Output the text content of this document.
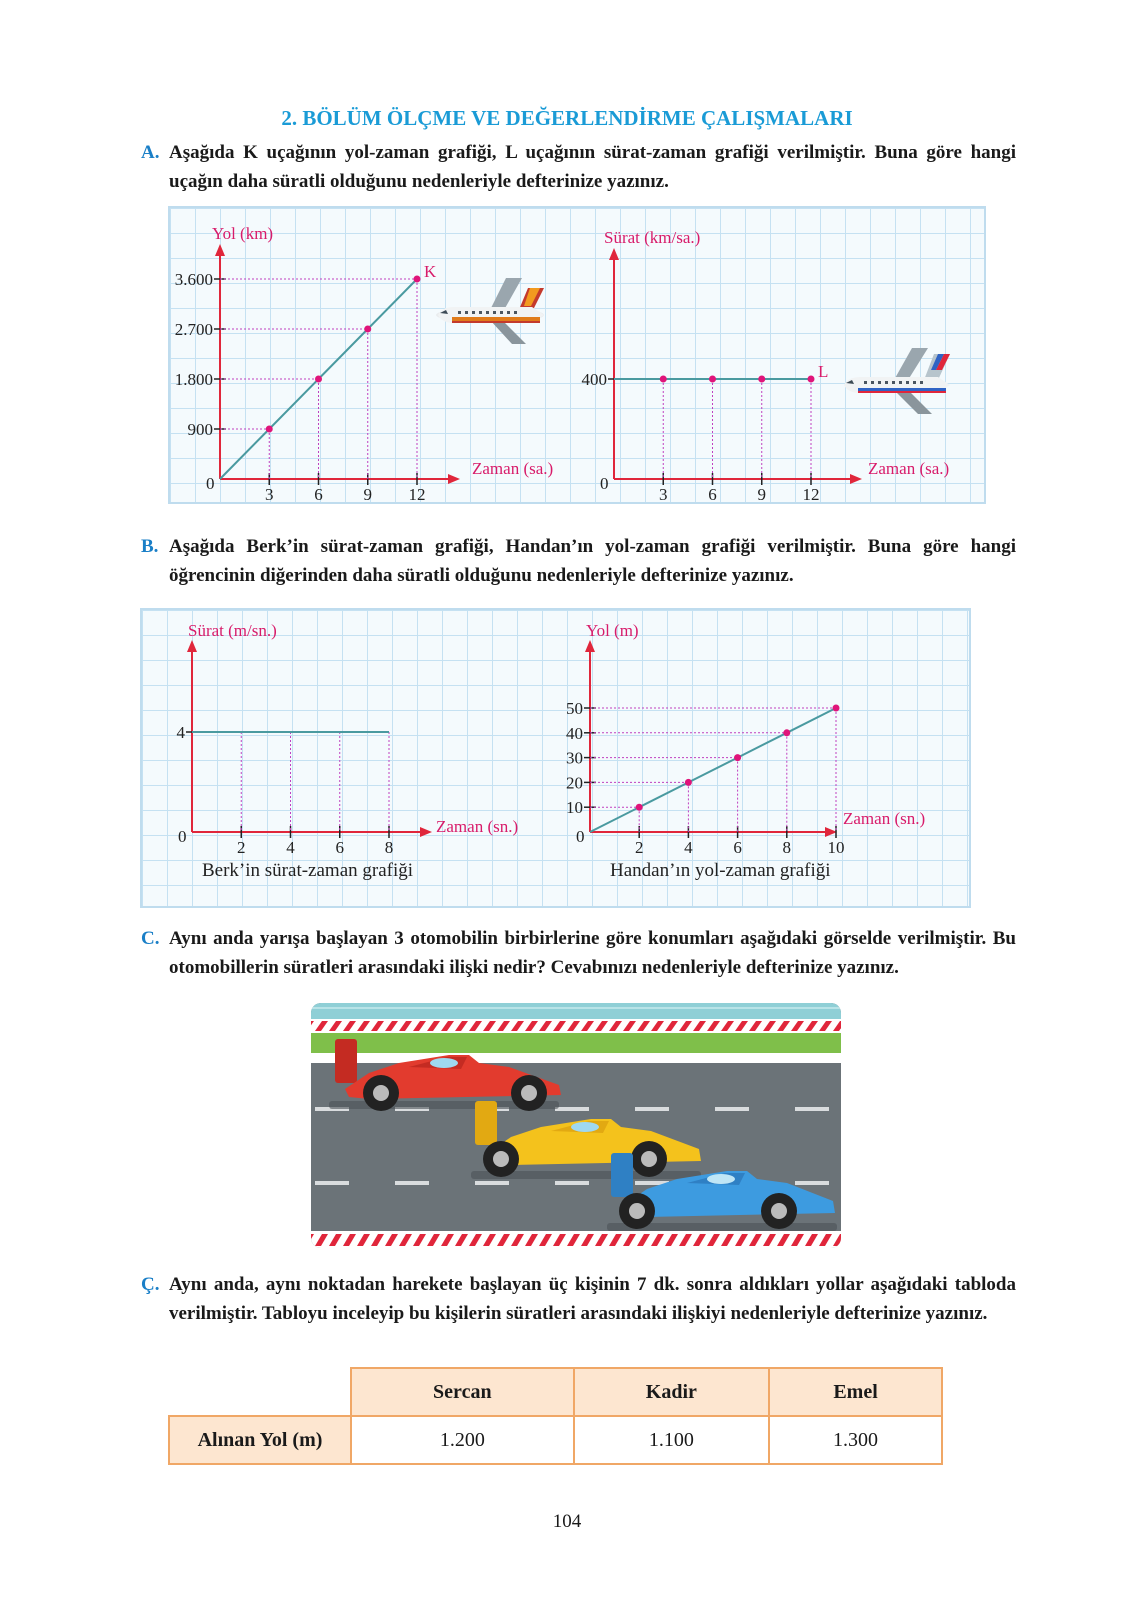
2. BÖLÜM ÖLÇME VE DEĞERLENDİRME ÇALIŞMALARI
A. Aşağıda K uçağının yol-zaman grafiği, L uçağının sürat-zaman grafiği verilmiştir. Buna göre hangi uçağın daha süratli olduğunu nedenleriyle defterinize yazınız.
Yol (km)
Zaman (sa.)
0
3 6 9 12
900
1.800
2.700
3.600	K
Sürat (km/sa.)
Zaman (sa.)
0
3 6 9 12
400	L
B. Aşağıda Berk’in sürat-zaman grafiği, Handan’ın yol-zaman grafiği verilmiştir. Buna göre hangi öğrencinin diğerinden daha süratli olduğunu nedenleriyle defterinize yazınız.
Sürat (m/sn.)
Zaman (sn.)
0
2 4 6 8
4
Berk’in sürat-zaman grafiği
Yol (m)
Zaman (sn.)
0
2 4 6 8 10
10
20
30
40
50
Handan’ın yol-zaman grafiği
C. Aynı anda yarışa başlayan 3 otomobilin birbirlerine göre konumları aşağıdaki görselde verilmiştir. Bu otomobillerin süratleri arasındaki ilişki nedir? Cevabınızı nedenleriyle defterinize yazınız.
Ç. Aynı anda, aynı noktadan harekete başlayan üç kişinin 7 dk. sonra aldıkları yollar aşağıdaki tabloda verilmiştir. Tabloyu inceleyip bu kişilerin süratleri arasındaki ilişkiyi nedenleriyle defterinize yazınız.
	Sercan	Kadir	Emel
Alınan Yol (m)	1.200	1.100	1.300
104
